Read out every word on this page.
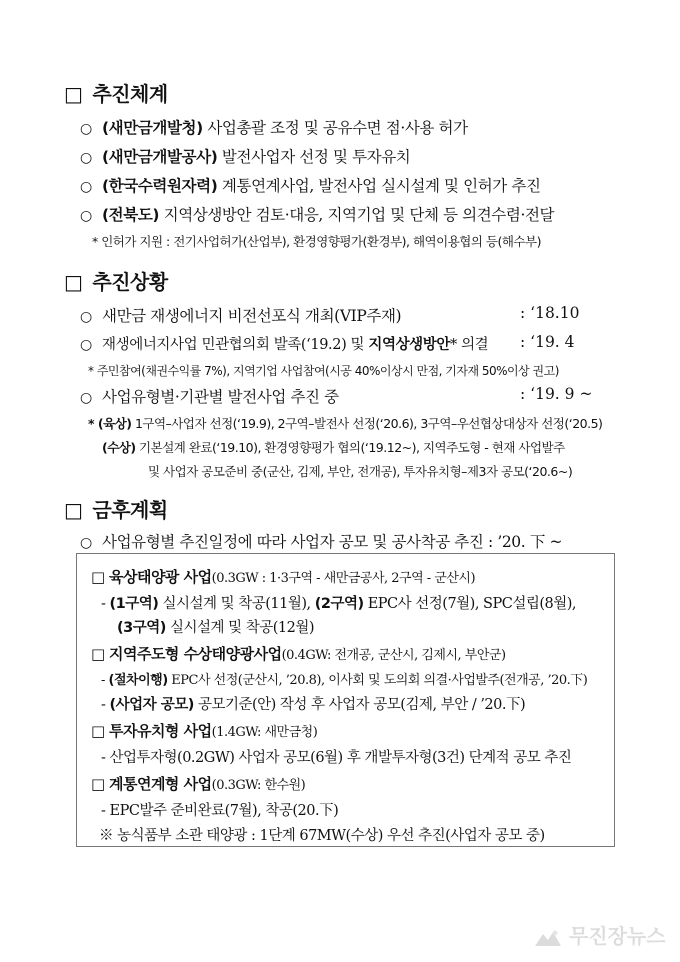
□ 추진체계
○ (새만금개발청) 사업총괄 조정 및 공유수면 점·사용 허가
○ (새만금개발공사) 발전사업자 선정 및 투자유치
○ (한국수력원자력) 계통연계사업, 발전사업 실시설계 및 인허가 추진
○ (전북도) 지역상생방안 검토·대응, 지역기업 및 단체 등 의견수렴·전달
* 인허가 지원 : 전기사업허가(산업부), 환경영향평가(환경부), 해역이용협의 등(해수부)
□ 추진상황
○ 새만금 재생에너지 비전선포식 개최(VIP주재)	: ‘18.10
○ 재생에너지사업 민관협의회 발족(‘19.2) 및 지역상생방안* 의결 : ‘19. 4
* 주민참여(채권수익률 7%), 지역기업 사업참여(시공 40%이상시 만점, 기자재 50%이상 권고)
○ 사업유형별·기관별 발전사업 추진 중	: ‘19. 9 ~
* (육상) 1구역–사업자 선정(‘19.9), 2구역–발전사 선정(‘20.6), 3구역–우선협상대상자 선정(‘20.5)
(수상) 기본설계 완료(‘19.10), 환경영향평가 협의(‘19.12~), 지역주도형 - 현재 사업발주
및 사업자 공모준비 중(군산, 김제, 부안, 전개공), 투자유치형–제3자 공모(‘20.6~)
□ 금후계획
○ 사업유형별 추진일정에 따라 사업자 공모 및 공사착공 추진 : ’20. 下 ~
□ 육상태양광 사업(0.3GW : 1·3구역 - 새만금공사, 2구역 - 군산시)
- (1구역) 실시설계 및 착공(11월), (2구역) EPC사 선정(7월), SPC설립(8월),
(3구역) 실시설계 및 착공(12월)
□ 지역주도형 수상태양광사업(0.4GW: 전개공, 군산시, 김제시, 부안군)
- (절차이행) EPC사 선정(군산시, ’20.8), 이사회 및 도의회 의결·사업발주(전개공, ’20.下)
- (사업자 공모) 공모기준(안) 작성 후 사업자 공모(김제, 부안 / ’20.下)
□ 투자유치형 사업(1.4GW: 새만금청)
- 산업투자형(0.2GW) 사업자 공모(6월) 후 개발투자형(3건) 단계적 공모 추진
□ 계통연계형 사업(0.3GW: 한수원)
- EPC발주 준비완료(7월), 착공(20.下)
※ 농식품부 소관 태양광 : 1단계 67MW(수상) 우선 추진(사업자 공모 중)
무진장뉴스
